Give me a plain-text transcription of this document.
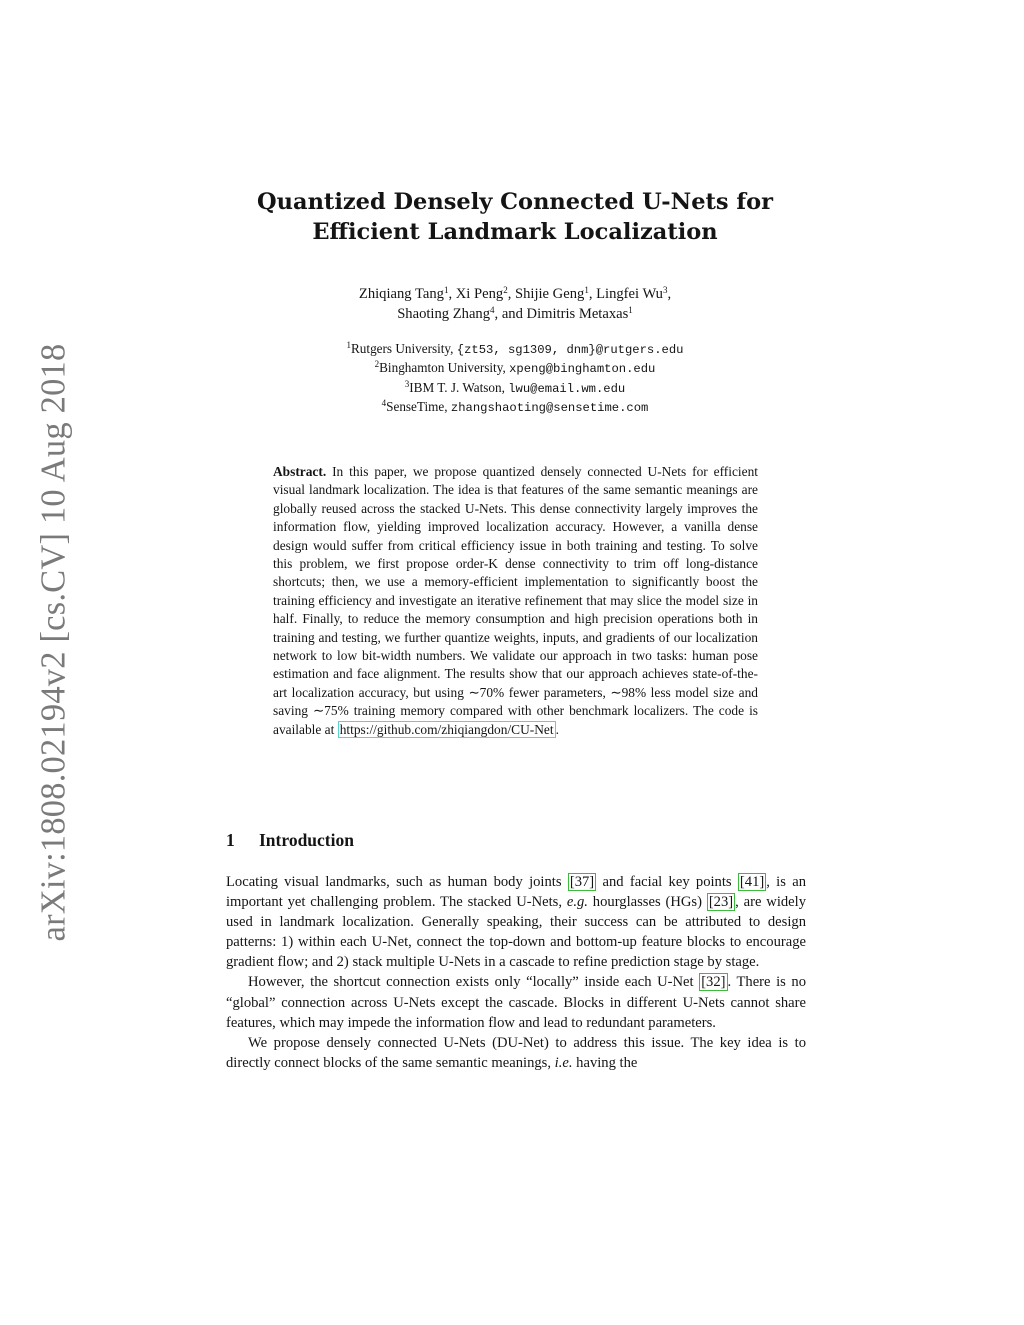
arXiv:1808.02194v2 [cs.CV] 10 Aug 2018
Quantized Densely Connected U-Nets for
Efficient Landmark Localization
Zhiqiang Tang$^1$, Xi Peng$^2$, Shijie Geng$^1$, Lingfei Wu$^3$,
Shaoting Zhang$^4$, and Dimitris Metaxas$^1$
$^1$Rutgers University, {zt53, sg1309, dnm}@rutgers.edu
$^2$Binghamton University, xpeng@binghamton.edu
$^3$IBM T. J. Watson, lwu@email.wm.edu
$^4$SenseTime, zhangshaoting@sensetime.com
Abstract. In this paper, we propose quantized densely connected U-Nets for efficient visual landmark localization. The idea is that features of the same semantic meanings are globally reused across the stacked U-Nets. This dense connectivity largely improves the information flow, yielding improved localization accuracy. However, a vanilla dense design would suffer from critical efficiency issue in both training and testing. To solve this problem, we first propose order-K dense connectivity to trim off long-distance shortcuts; then, we use a memory-efficient implementation to significantly boost the training efficiency and investigate an iterative refinement that may slice the model size in half. Finally, to reduce the memory consumption and high precision operations both in training and testing, we further quantize weights, inputs, and gradients of our localization network to low bit-width numbers. We validate our approach in two tasks: human pose estimation and face alignment. The results show that our approach achieves state-of-the-art localization accuracy, but using ∼70% fewer parameters, ∼98% less model size and saving ∼75% training memory compared with other benchmark localizers. The code is available at https://github.com/zhiqiangdon/CU-Net .
1 Introduction

Locating visual landmarks, such as human body joints [37] and facial key points [41] , is an important yet challenging problem. The stacked U-Nets, e.g. hourglasses (HGs) [23] , are widely used in landmark localization. Generally speaking, their success can be attributed to design patterns: 1) within each U-Net, connect the top-down and bottom-up feature blocks to encourage gradient flow; and 2) stack multiple U-Nets in a cascade to refine prediction stage by stage.

However, the shortcut connection exists only “locally” inside each U-Net [32] . There is no “global” connection across U-Nets except the cascade. Blocks in different U-Nets cannot share features, which may impede the information flow and lead to redundant parameters.

We propose densely connected U-Nets (DU-Net) to address this issue. The key idea is to directly connect blocks of the same semantic meanings, i.e. having the
